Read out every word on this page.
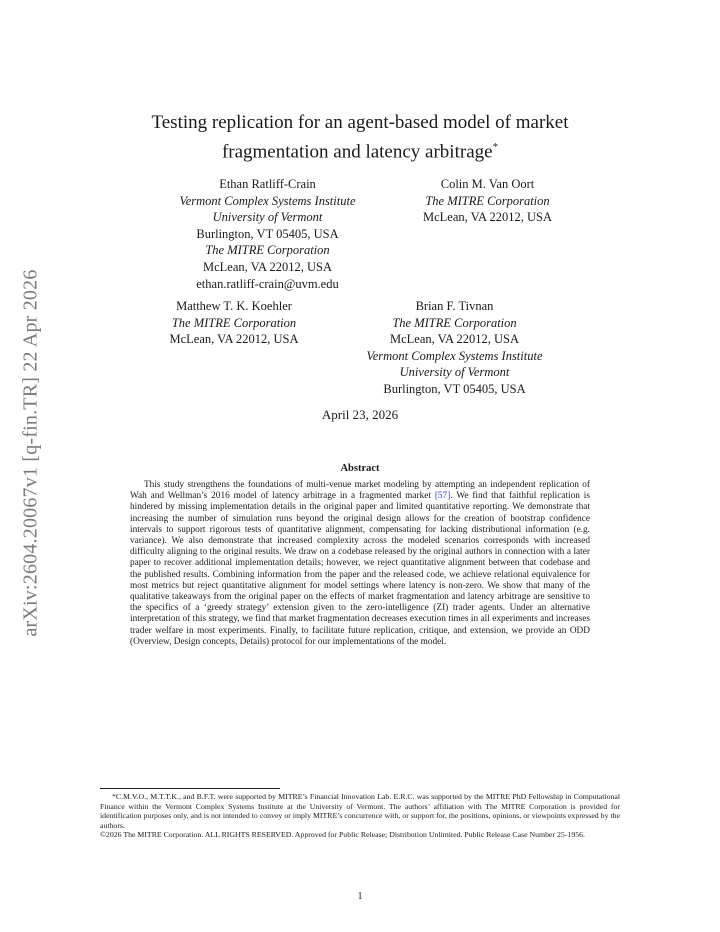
arXiv:2604.20067v1 [q-fin.TR] 22 Apr 2026
Testing replication for an agent-based model of market
fragmentation and latency arbitrage*
Ethan Ratliff-Crain
Vermont Complex Systems Institute
University of Vermont
Burlington, VT 05405, USA
The MITRE Corporation
McLean, VA 22012, USA
ethan.ratliff-crain@uvm.edu
Colin M. Van Oort
The MITRE Corporation
McLean, VA 22012, USA
Matthew T. K. Koehler
The MITRE Corporation
McLean, VA 22012, USA
Brian F. Tivnan
The MITRE Corporation
McLean, VA 22012, USA
Vermont Complex Systems Institute
University of Vermont
Burlington, VT 05405, USA
April 23, 2026
Abstract

This study strengthens the foundations of multi-venue market modeling by attempting an independent replication of Wah and Wellman’s 2016 model of latency arbitrage in a fragmented market [57]. We find that faithful replication is hindered by missing implementation details in the original paper and limited quantitative reporting. We demonstrate that increasing the number of simulation runs beyond the original design allows for the creation of bootstrap confidence intervals to support rigorous tests of quantitative alignment, compensating for lacking distributional information (e.g. variance). We also demonstrate that increased complexity across the modeled scenarios corresponds with increased difficulty aligning to the original results. We draw on a codebase released by the original authors in connection with a later paper to recover additional implementation details; however, we reject quantitative alignment between that codebase and the published results. Combining information from the paper and the released code, we achieve relational equivalence for most metrics but reject quantitative alignment for model settings where latency is non-zero. We show that many of the qualitative takeaways from the original paper on the effects of market fragmentation and latency arbitrage are sensitive to the specifics of a ‘greedy strategy’ extension given to the zero-intelligence (ZI) trader agents. Under an alternative interpretation of this strategy, we find that market fragmentation decreases execution times in all experiments and increases trader welfare in most experiments. Finally, to facilitate future replication, critique, and extension, we provide an ODD (Overview, Design concepts, Details) protocol for our implementations of the model.

*C.M.V.O., M.T.T.K., and B.F.T. were supported by MITRE’s Financial Innovation Lab. E.R.C. was supported by the MITRE PhD Fellowship in Computational Finance within the Vermont Complex Systems Institute at the University of Vermont. The authors’ affiliation with The MITRE Corporation is provided for identification purposes only, and is not intended to convey or imply MITRE’s concurrence with, or support for, the positions, opinions, or viewpoints expressed by the authors.

©2026 The MITRE Corporation. ALL RIGHTS RESERVED. Approved for Public Release; Distribution Unlimited. Public Release Case Number 25-1956.

1
